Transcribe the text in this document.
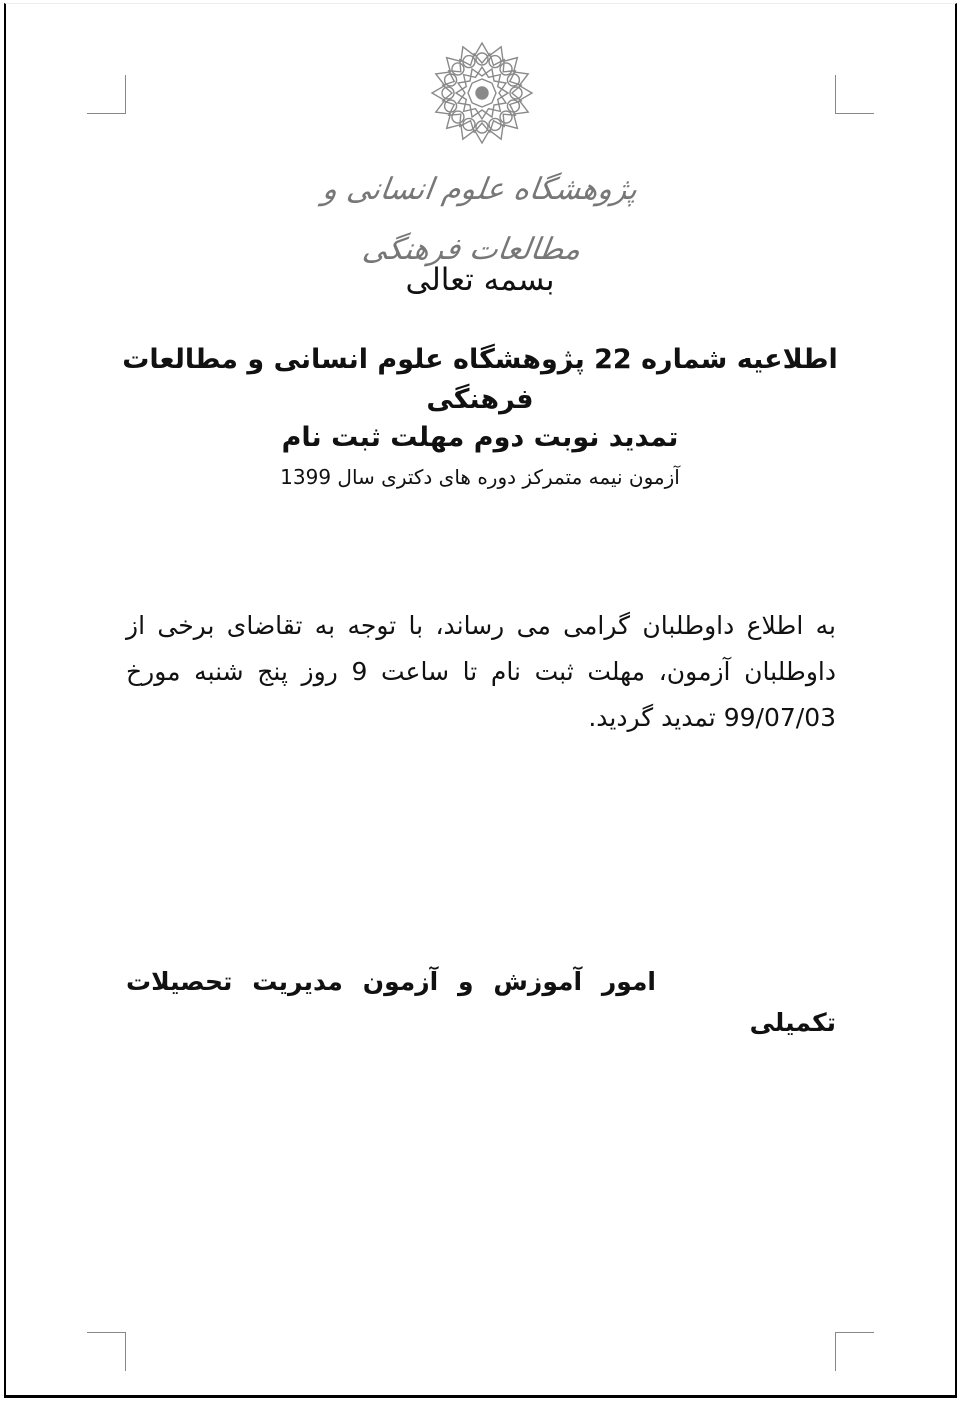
پژوهشگاه علوم انسانی و مطالعات فرهنگی
بسمه تعالی
اطلاعیه شماره 22 پژوهشگاه علوم انسانی و مطالعات فرهنگی
تمدید نوبت دوم مهلت ثبت نام
آزمون نیمه متمرکز دوره های دکتری سال 1399
به اطلاع داوطلبان گرامی می رساند، با توجه به تقاضای برخی از داوطلبان آزمون، مهلت ثبت نام تا ساعت 9 روز پنج شنبه مورخ 99/07/03 تمدید گردید.
امور آموزش و آزمون مدیریت تحصیلات
تکمیلی
